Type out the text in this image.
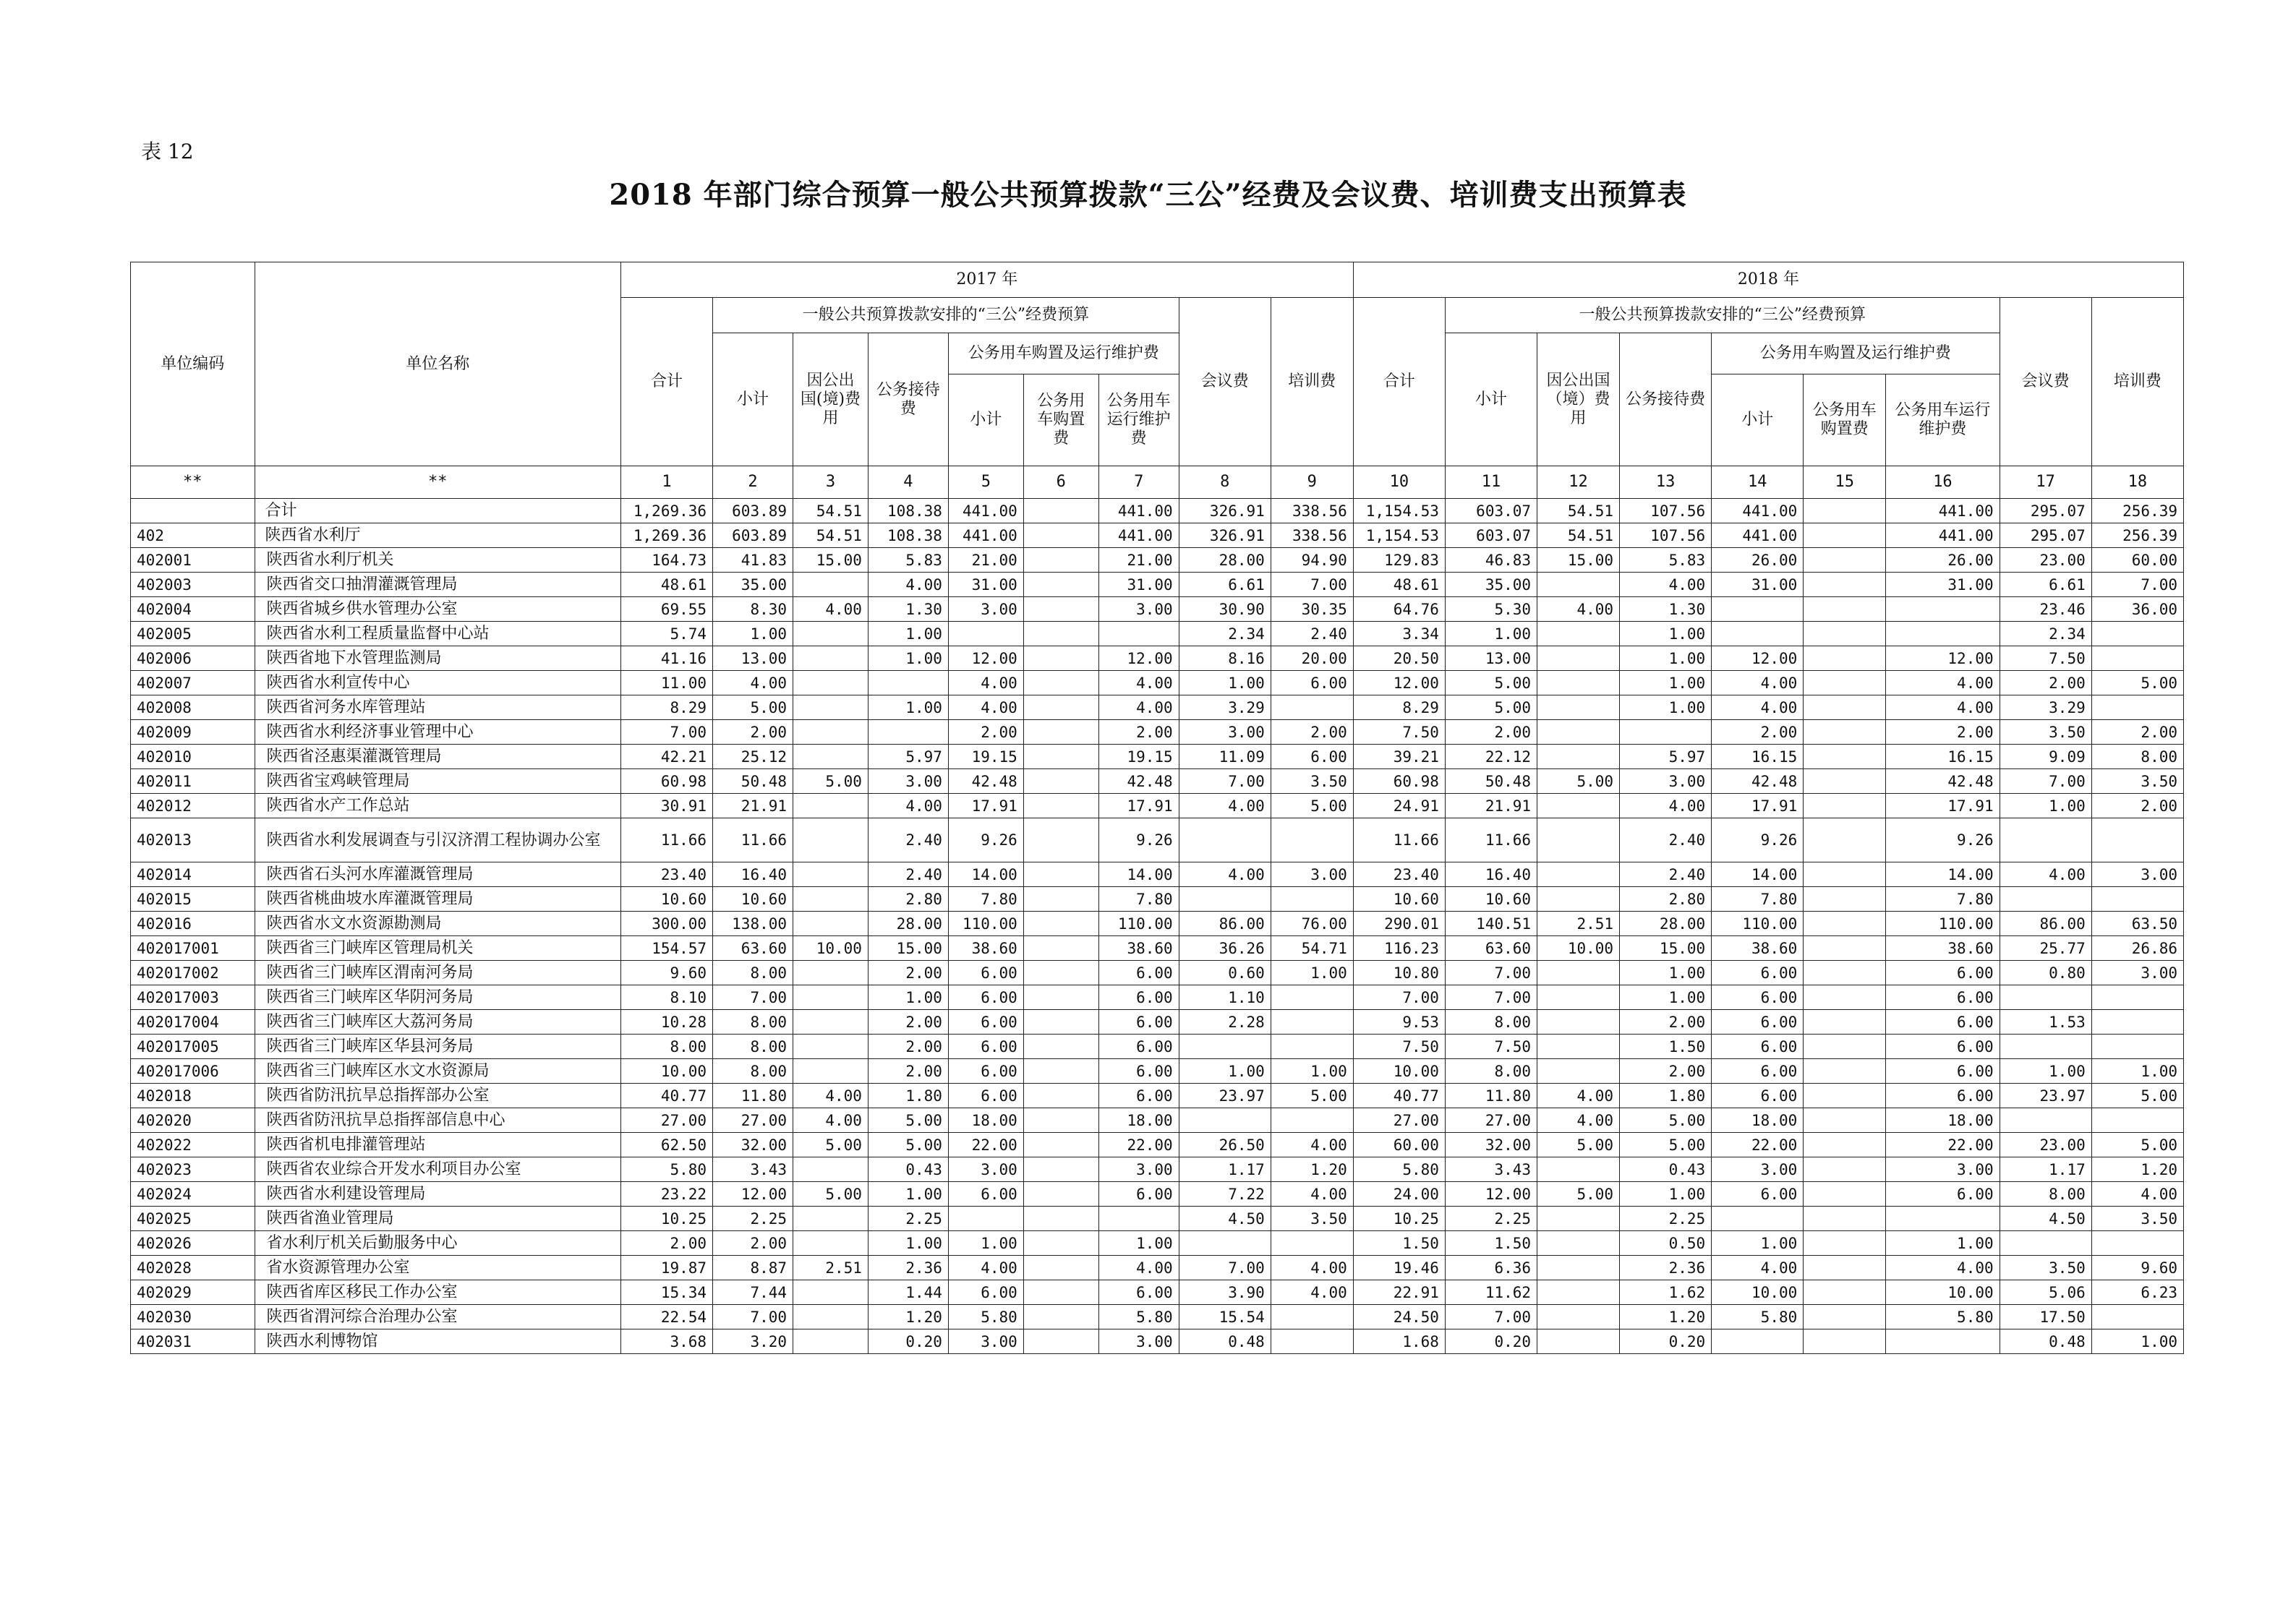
表 12
2018 年部门综合预算一般公共预算拨款“三公”经费及会议费、培训费支出预算表
单位编码	单位名称	2017 年									2018 年								
		合计	一般公共预算拨款安排的“三公”经费预算						会议费	培训费	合计	一般公共预算拨款安排的“三公”经费预算						会议费	培训费
			小计	因公出国(境)费用	公务接待费	公务用车购置及运行维护费						小计	因公出国（境）费用	公务接待费	公务用车购置及运行维护费				
						小计	公务用车购置费	公务用车运行维护费							小计	公务用车购置费	公务用车运行维护费		
**	**	1	2	3	4	5	6	7	8	9	10	11	12	13	14	15	16	17	18
	合计	1,269.36	603.89	54.51	108.38	441.00		441.00	326.91	338.56	1,154.53	603.07	54.51	107.56	441.00		441.00	295.07	256.39
402	陕西省水利厅	1,269.36	603.89	54.51	108.38	441.00		441.00	326.91	338.56	1,154.53	603.07	54.51	107.56	441.00		441.00	295.07	256.39
402001	陕西省水利厅机关	164.73	41.83	15.00	5.83	21.00		21.00	28.00	94.90	129.83	46.83	15.00	5.83	26.00		26.00	23.00	60.00
402003	陕西省交口抽渭灌溉管理局	48.61	35.00		4.00	31.00		31.00	6.61	7.00	48.61	35.00		4.00	31.00		31.00	6.61	7.00
402004	陕西省城乡供水管理办公室	69.55	8.30	4.00	1.30	3.00		3.00	30.90	30.35	64.76	5.30	4.00	1.30				23.46	36.00
402005	陕西省水利工程质量监督中心站	5.74	1.00		1.00				2.34	2.40	3.34	1.00		1.00				2.34	
402006	陕西省地下水管理监测局	41.16	13.00		1.00	12.00		12.00	8.16	20.00	20.50	13.00		1.00	12.00		12.00	7.50	
402007	陕西省水利宣传中心	11.00	4.00			4.00		4.00	1.00	6.00	12.00	5.00		1.00	4.00		4.00	2.00	5.00
402008	陕西省河务水库管理站	8.29	5.00		1.00	4.00		4.00	3.29		8.29	5.00		1.00	4.00		4.00	3.29	
402009	陕西省水利经济事业管理中心	7.00	2.00			2.00		2.00	3.00	2.00	7.50	2.00			2.00		2.00	3.50	2.00
402010	陕西省泾惠渠灌溉管理局	42.21	25.12		5.97	19.15		19.15	11.09	6.00	39.21	22.12		5.97	16.15		16.15	9.09	8.00
402011	陕西省宝鸡峡管理局	60.98	50.48	5.00	3.00	42.48		42.48	7.00	3.50	60.98	50.48	5.00	3.00	42.48		42.48	7.00	3.50
402012	陕西省水产工作总站	30.91	21.91		4.00	17.91		17.91	4.00	5.00	24.91	21.91		4.00	17.91		17.91	1.00	2.00
402013	陕西省水利发展调查与引汉济渭工程协调办公室	11.66	11.66		2.40	9.26		9.26			11.66	11.66		2.40	9.26		9.26		
402014	陕西省石头河水库灌溉管理局	23.40	16.40		2.40	14.00		14.00	4.00	3.00	23.40	16.40		2.40	14.00		14.00	4.00	3.00
402015	陕西省桃曲坡水库灌溉管理局	10.60	10.60		2.80	7.80		7.80			10.60	10.60		2.80	7.80		7.80		
402016	陕西省水文水资源勘测局	300.00	138.00		28.00	110.00		110.00	86.00	76.00	290.01	140.51	2.51	28.00	110.00		110.00	86.00	63.50
402017001	陕西省三门峡库区管理局机关	154.57	63.60	10.00	15.00	38.60		38.60	36.26	54.71	116.23	63.60	10.00	15.00	38.60		38.60	25.77	26.86
402017002	陕西省三门峡库区渭南河务局	9.60	8.00		2.00	6.00		6.00	0.60	1.00	10.80	7.00		1.00	6.00		6.00	0.80	3.00
402017003	陕西省三门峡库区华阴河务局	8.10	7.00		1.00	6.00		6.00	1.10		7.00	7.00		1.00	6.00		6.00		
402017004	陕西省三门峡库区大荔河务局	10.28	8.00		2.00	6.00		6.00	2.28		9.53	8.00		2.00	6.00		6.00	1.53	
402017005	陕西省三门峡库区华县河务局	8.00	8.00		2.00	6.00		6.00			7.50	7.50		1.50	6.00		6.00		
402017006	陕西省三门峡库区水文水资源局	10.00	8.00		2.00	6.00		6.00	1.00	1.00	10.00	8.00		2.00	6.00		6.00	1.00	1.00
402018	陕西省防汛抗旱总指挥部办公室	40.77	11.80	4.00	1.80	6.00		6.00	23.97	5.00	40.77	11.80	4.00	1.80	6.00		6.00	23.97	5.00
402020	陕西省防汛抗旱总指挥部信息中心	27.00	27.00	4.00	5.00	18.00		18.00			27.00	27.00	4.00	5.00	18.00		18.00		
402022	陕西省机电排灌管理站	62.50	32.00	5.00	5.00	22.00		22.00	26.50	4.00	60.00	32.00	5.00	5.00	22.00		22.00	23.00	5.00
402023	陕西省农业综合开发水利项目办公室	5.80	3.43		0.43	3.00		3.00	1.17	1.20	5.80	3.43		0.43	3.00		3.00	1.17	1.20
402024	陕西省水利建设管理局	23.22	12.00	5.00	1.00	6.00		6.00	7.22	4.00	24.00	12.00	5.00	1.00	6.00		6.00	8.00	4.00
402025	陕西省渔业管理局	10.25	2.25		2.25				4.50	3.50	10.25	2.25		2.25				4.50	3.50
402026	省水利厅机关后勤服务中心	2.00	2.00		1.00	1.00		1.00			1.50	1.50		0.50	1.00		1.00		
402028	省水资源管理办公室	19.87	8.87	2.51	2.36	4.00		4.00	7.00	4.00	19.46	6.36		2.36	4.00		4.00	3.50	9.60
402029	陕西省库区移民工作办公室	15.34	7.44		1.44	6.00		6.00	3.90	4.00	22.91	11.62		1.62	10.00		10.00	5.06	6.23
402030	陕西省渭河综合治理办公室	22.54	7.00		1.20	5.80		5.80	15.54		24.50	7.00		1.20	5.80		5.80	17.50	
402031	陕西水利博物馆	3.68	3.20		0.20	3.00		3.00	0.48		1.68	0.20		0.20				0.48	1.00
